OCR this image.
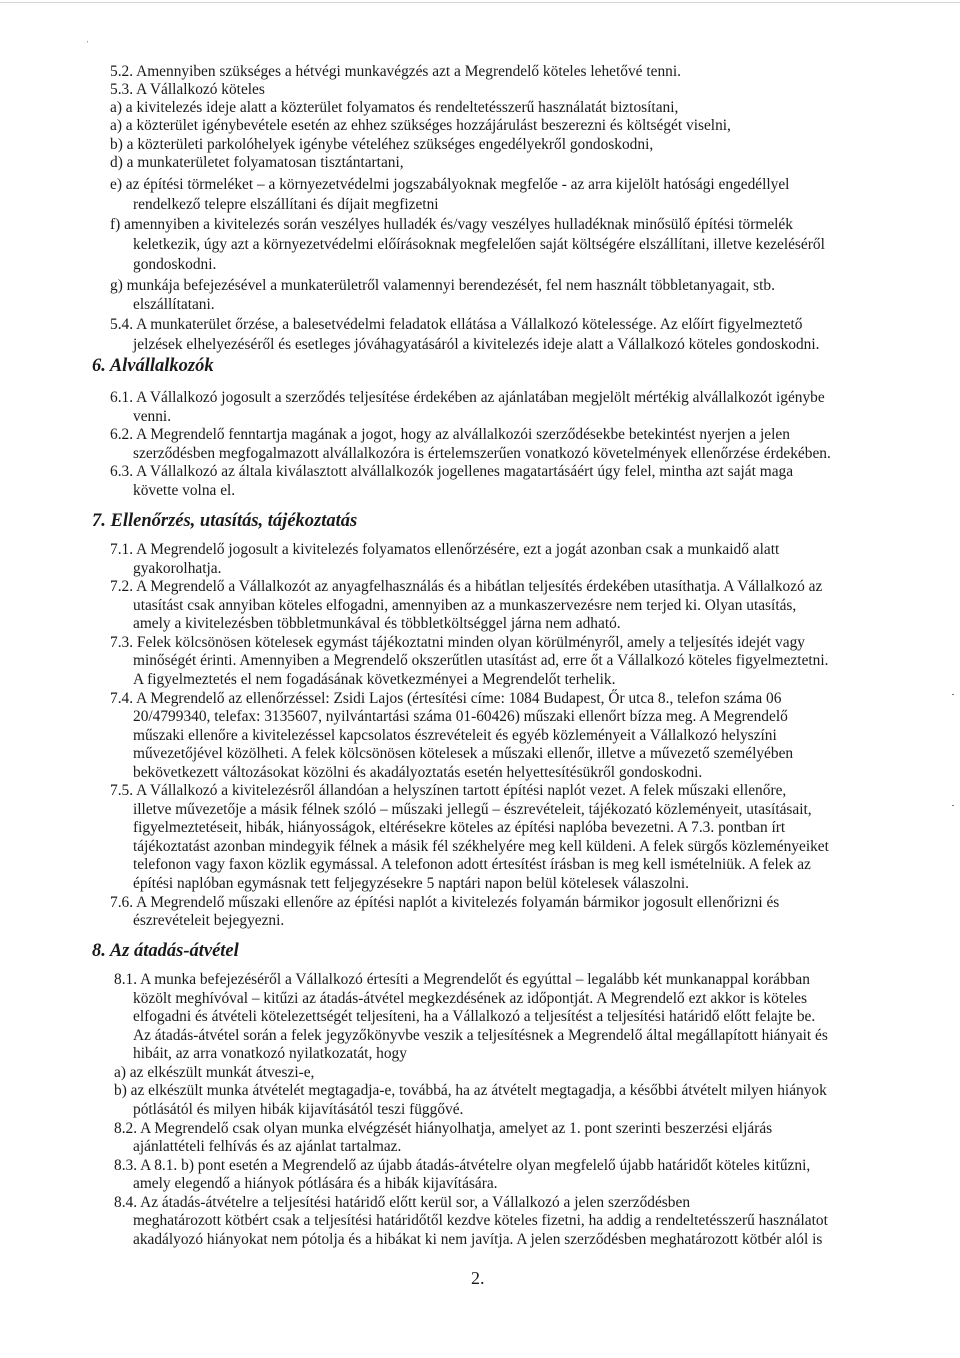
ˌ
5.2. Amennyiben szükséges a hétvégi munkavégzés azt a Megrendelő köteles lehetővé tenni.
5.3. A Vállalkozó köteles
a) a kivitelezés ideje alatt a közterület folyamatos és rendeltetésszerű használatát biztosítani,
a) a közterület igénybevétele esetén az ehhez szükséges hozzájárulást beszerezni és költségét viselni,
b) a közterületi parkolóhelyek igénybe vételéhez szükséges engedélyekről gondoskodni,
d) a munkaterületet folyamatosan tisztántartani,
e) az építési törmeléket – a környezetvédelmi jogszabályoknak megfelőe - az arra kijelölt hatósági engedéllyel
rendelkező telepre elszállítani és díjait megfizetni
f) amennyiben a kivitelezés során veszélyes hulladék és/vagy veszélyes hulladéknak minősülő építési törmelék
keletkezik, úgy azt a környezetvédelmi előírásoknak megfelelően saját költségére elszállítani, illetve kezeléséről
gondoskodni.
g) munkája befejezésével a munkaterületről valamennyi berendezését, fel nem használt többletanyagait, stb.
elszállítatani.
5.4. A munkaterület őrzése, a balesetvédelmi feladatok ellátása a Vállalkozó kötelessége. Az előírt figyelmeztető
jelzések elhelyezéséről és esetleges jóváhagyatásáról a kivitelezés ideje alatt a Vállalkozó köteles gondoskodni.
6. Alvállalkozók
6.1. A Vállalkozó jogosult a szerződés teljesítése érdekében az ajánlatában megjelölt mértékig alvállalkozót igénybe
venni.
6.2. A Megrendelő fenntartja magának a jogot, hogy az alvállalkozói szerződésekbe betekintést nyerjen a jelen
szerződésben megfogalmazott alvállalkozóra is értelemszerűen vonatkozó követelmények ellenőrzése érdekében.
6.3. A Vállalkozó az általa kiválasztott alvállalkozók jogellenes magatartásáért úgy felel, mintha azt saját maga
követte volna el.
7. Ellenőrzés, utasítás, tájékoztatás
7.1. A Megrendelő jogosult a kivitelezés folyamatos ellenőrzésére, ezt a jogát azonban csak a munkaidő alatt
gyakorolhatja.
7.2. A Megrendelő a Vállalkozót az anyagfelhasználás és a hibátlan teljesítés érdekében utasíthatja. A Vállalkozó az
utasítást csak annyiban köteles elfogadni, amennyiben az a munkaszervezésre nem terjed ki. Olyan utasítás,
amely a kivitelezésben többletmunkával és többletköltséggel járna nem adható.
7.3. Felek kölcsönösen kötelesek egymást tájékoztatni minden olyan körülményről, amely a teljesítés idejét vagy
minőségét érinti. Amennyiben a Megrendelő okszerűtlen utasítást ad, erre őt a Vállalkozó köteles figyelmeztetni.
A figyelmeztetés el nem fogadásának következményei a Megrendelőt terhelik.
7.4. A Megrendelő az ellenőrzéssel: Zsidi Lajos (értesítési címe: 1084 Budapest, Őr utca 8., telefon száma 06
20/4799340, telefax: 3135607, nyilvántartási száma 01-60426) műszaki ellenőrt bízza meg. A Megrendelő
műszaki ellenőre a kivitelezéssel kapcsolatos észrevételeit és egyéb közleményeit a Vállalkozó helyszíni
művezetőjével közölheti. A felek kölcsönösen kötelesek a műszaki ellenőr, illetve a művezető személyében
bekövetkezett változásokat közölni és akadályoztatás esetén helyettesítésükről gondoskodni.
7.5. A Vállalkozó a kivitelezésről állandóan a helyszínen tartott építési naplót vezet. A felek műszaki ellenőre,
illetve művezetője a másik félnek szóló – műszaki jellegű – észrevételeit, tájékozató közleményeit, utasításait,
figyelmeztetéseit, hibák, hiányosságok, eltérésekre köteles az építési naplóba bevezetni. A 7.3. pontban írt
tájékoztatást azonban mindegyik félnek a másik fél székhelyére meg kell küldeni. A felek sürgős közleményeiket
telefonon vagy faxon közlik egymással. A telefonon adott értesítést írásban is meg kell ismételniük. A felek az
építési naplóban egymásnak tett feljegyzésekre 5 naptári napon belül kötelesek válaszolni.
7.6. A Megrendelő műszaki ellenőre az építési naplót a kivitelezés folyamán bármikor jogosult ellenőrizni és
észrevételeit bejegyezni.
8. Az átadás-átvétel
8.1. A munka befejezéséről a Vállalkozó értesíti a Megrendelőt és egyúttal – legalább két munkanappal korábban
közölt meghívóval – kitűzi az átadás-átvétel megkezdésének az időpontját. A Megrendelő ezt akkor is köteles
elfogadni és átvételi kötelezettségét teljesíteni, ha a Vállalkozó a teljesítést a teljesítési határidő előtt felajte be.
Az átadás-átvétel során a felek jegyzőkönyvbe veszik a teljesítésnek a Megrendelő által megállapított hiányait és
hibáit, az arra vonatkozó nyilatkozatát, hogy
a) az elkészült munkát átveszi-e,
b) az elkészült munka átvételét megtagadja-e, továbbá, ha az átvételt megtagadja, a későbbi átvételt milyen hiányok
pótlásától és milyen hibák kijavításától teszi függővé.
8.2. A Megrendelő csak olyan munka elvégzését hiányolhatja, amelyet az 1. pont szerinti beszerzési eljárás
ajánlattételi felhívás és az ajánlat tartalmaz.
8.3. A 8.1. b) pont esetén a Megrendelő az újabb átadás-átvételre olyan megfelelő újabb határidőt köteles kitűzni,
amely elegendő a hiányok pótlására és a hibák kijavítására.
8.4. Az átadás-átvételre a teljesítési határidő előtt kerül sor, a Vállalkozó a jelen szerződésben
meghatározott kötbért csak a teljesítési határidőtől kezdve köteles fizetni, ha addig a rendeltetésszerű használatot
akadályozó hiányokat nem pótolja és a hibákat ki nem javítja. A jelen szerződésben meghatározott kötbér alól is
2.
